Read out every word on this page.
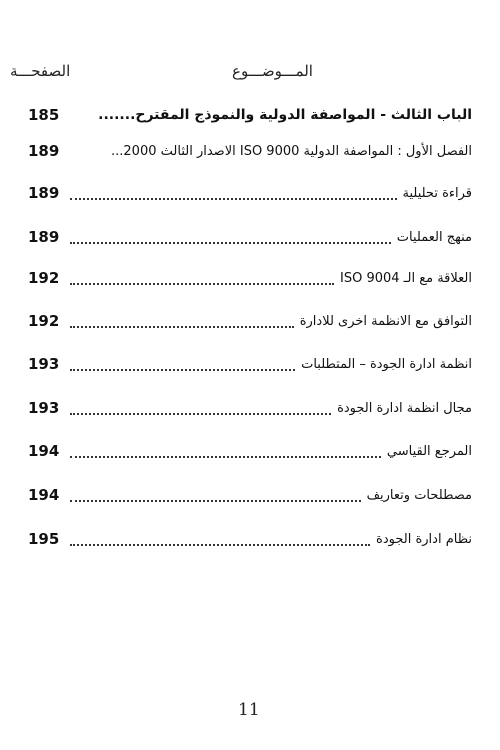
الصفحـــة	المـــوضـــوع
الباب الثالث - المواصفة الدولية والنموذج المقترح.......
185
الفصل الأول : المواصفة الدولية ISO 9000 الاصدار الثالث 2000...
189
قراءة تحليلية
189
منهج العمليات
189
العلاقة مع الـ ISO 9004
192
التوافق مع الانظمة اخرى للادارة
192
انظمة ادارة الجودة – المتطلبات
193
مجال انظمة ادارة الجودة
193
المرجع القياسي
194
مصطلحات وتعاريف
194
نظام ادارة الجودة
195
11
